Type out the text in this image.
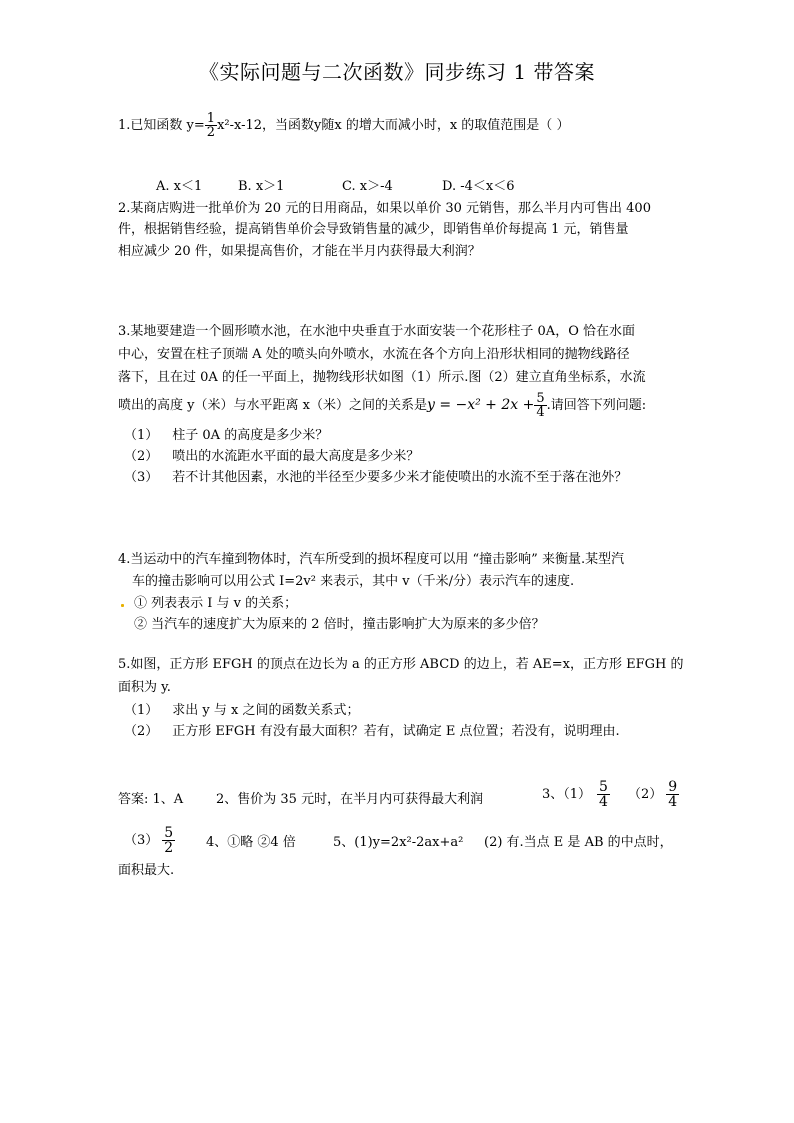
《实际问题与二次函数》同步练习 1 带答案
1.已知函数 $y= \frac{1}{2} x^2-x-12$，当函数y随x 的增大而减小时，x 的取值范围是（ ）
A. x＜1	B. x＞1	C. x＞-4	D. -4＜x＜6
2.某商店购进一批单价为 20 元的日用商品，如果以单价 30 元销售，那么半月内可售出 400
件，根据销售经验，提高销售单价会导致销售量的减少，即销售单价每提高 1 元，销售量
相应减少 20 件，如果提高售价，才能在半月内获得最大利润？
3.某地要建造一个圆形喷水池，在水池中央垂直于水面安装一个花形柱子 0A，O 恰在水面
中心，安置在柱子顶端 A 处的喷头向外喷水，水流在各个方向上沿形状相同的抛物线路径
落下，且在过 0A 的任一平面上，抛物线形状如图（1）所示.图（2）建立直角坐标系，水流
喷出的高度 y（米）与水平距离 x（米）之间的关系是$y = -x^2 + 2x + \frac{5}{4}$ .请回答下列问题:
（1） 柱子 0A 的高度是多少米？
（2） 喷出的水流距水平面的最大高度是多少米？
（3） 若不计其他因素，水池的半径至少要多少米才能使喷出的水流不至于落在池外？
4.当运动中的汽车撞到物体时，汽车所受到的损坏程度可以用 “撞击影响” 来衡量.某型汽
车的撞击影响可以用公式 I=2v² 来表示，其中 v（千米/分）表示汽车的速度.
① 列表表示 I 与 v 的关系；
② 当汽车的速度扩大为原来的 2 倍时，撞击影响扩大为原来的多少倍？
5.如图，正方形 EFGH 的顶点在边长为 a 的正方形 ABCD 的边上，若 AE=x，正方形 EFGH 的
面积为 y.
（1） 求出 y 与 x 之间的函数关系式；
（2） 正方形 EFGH 有没有最大面积？若有，试确定 E 点位置；若没有，说明理由.
答案: 1、A	2、售价为 35 元时，在半月内可获得最大利润	3、$(1) \frac{5}{4} (2) \frac{9}{4}$
$(3) \frac{5}{2} 4$、①略 ②4 倍	5、(1)y=2x²-2ax+a² (2) 有.当点 E 是 AB 的中点时，
面积最大.
